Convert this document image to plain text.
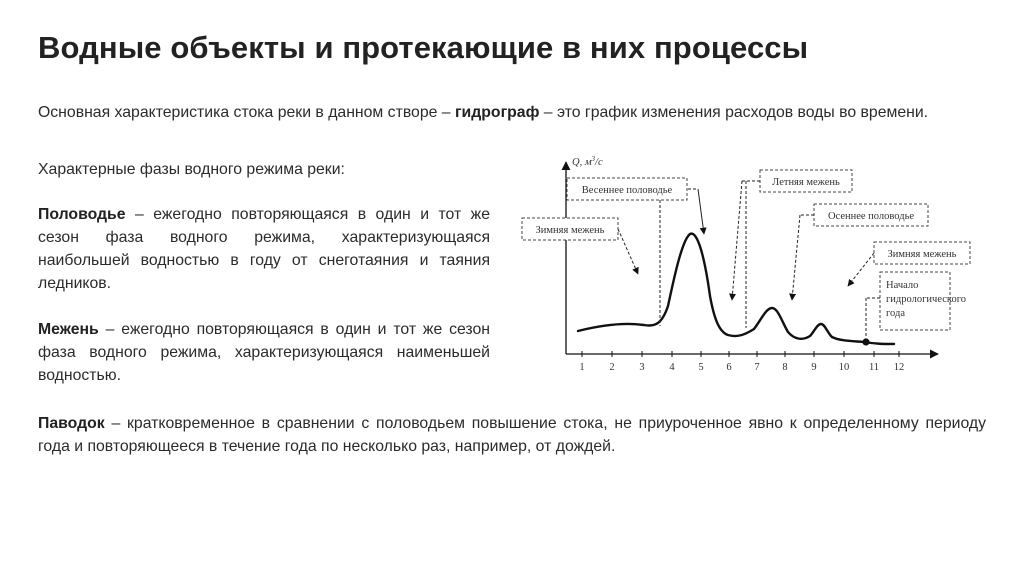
Водные объекты и протекающие в них процессы

Основная характеристика стока реки в данном створе – гидрограф – это график изменения расходов воды во времени.

Характерные фазы водного режима реки:

Половодье – ежегодно повторяющаяся в один и тот же сезон фаза водного режима, характеризующаяся наибольшей водностью в году от снеготаяния и таяния ледников.

Межень – ежегодно повторяющаяся в один и тот же сезон фаза водного режима, характеризующаяся наименьшей водностью.

Паводок – кратковременное в сравнении с половодьем повышение стока, не приуроченное явно к определенному периоду года и повторяющееся в течение года по несколько раз, например, от дождей.

Q, $м^3/с$
1 2 3 4 5 6 7 8 9 10 11 12
Весеннее половодье
Зимняя межень
Летняя межень
Осеннее половодье
Зимняя межень
Начало
гидрологического
года
